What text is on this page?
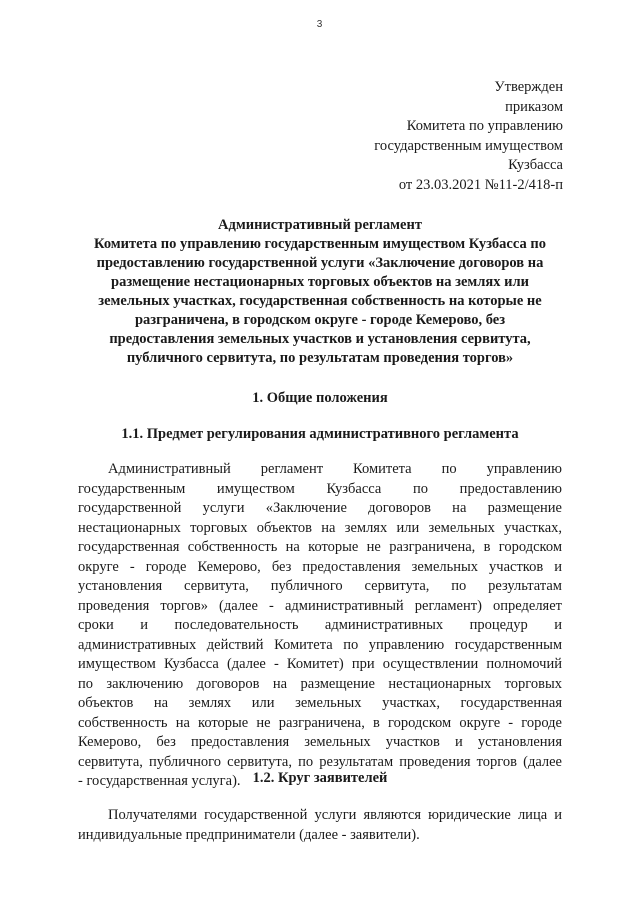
3
Утвержден
приказом
Комитета по управлению
государственным имуществом
Кузбасса
от 23.03.2021 №11-2/418-п
Административный регламент
Комитета по управлению государственным имуществом Кузбасса по
предоставлению государственной услуги «Заключение договоров на
размещение нестационарных торговых объектов на землях или
земельных участках, государственная собственность на которые не
разграничена, в городском округе - городе Кемерово, без
предоставления земельных участков и установления сервитута,
публичного сервитута, по результатам проведения торгов»
1. Общие положения
1.1. Предмет регулирования административного регламента
Административный регламент Комитета по управлению
государственным имуществом Кузбасса по предоставлению
государственной услуги «Заключение договоров на размещение
нестационарных торговых объектов на землях или земельных участках,
государственная собственность на которые не разграничена, в городском
округе - городе Кемерово, без предоставления земельных участков и
установления сервитута, публичного сервитута, по результатам
проведения торгов» (далее - административный регламент) определяет
сроки и последовательность административных процедур и
административных действий Комитета по управлению государственным
имуществом Кузбасса (далее - Комитет) при осуществлении полномочий
по заключению договоров на размещение нестационарных торговых
объектов на землях или земельных участках, государственная
собственность на которые не разграничена, в городском округе - городе
Кемерово, без предоставления земельных участков и установления
сервитута, публичного сервитута, по результатам проведения торгов (далее
- государственная услуга). 1.2. Круг заявителей
Получателями государственной услуги являются юридические лица и
индивидуальные предприниматели (далее - заявители).
